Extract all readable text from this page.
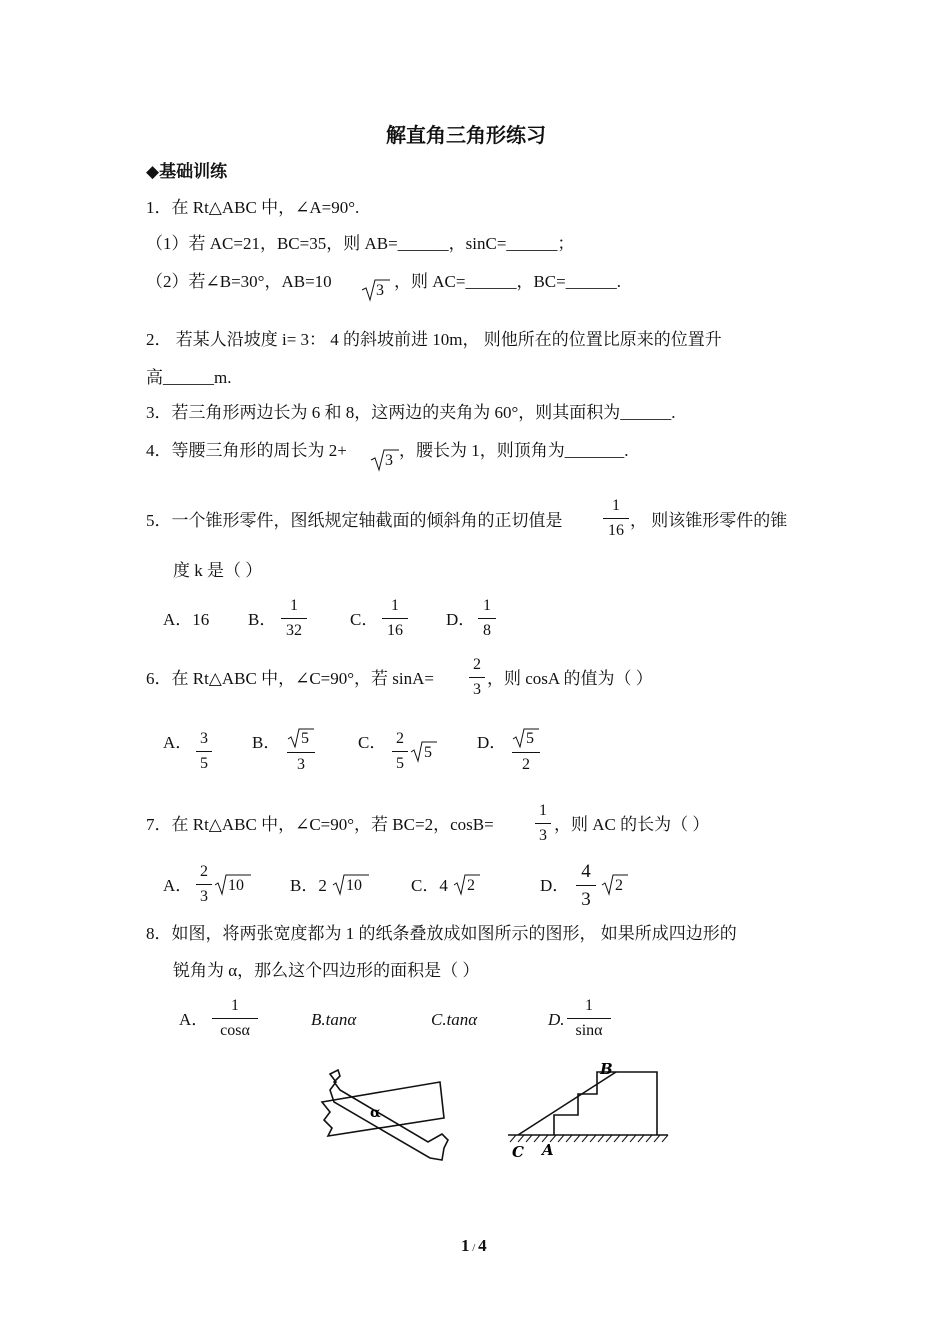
解直角三角形练习
◆基础训练
1．在 Rt△ABC 中，∠A=90°.
（1）若 AC=21，BC=35，则 AB=______，sinC=______；
（2）若∠B=30°，AB=10	3 ，则 AC=______，BC=______.
2． 若某人沿坡度 i= 3： 4 的斜坡前进 10m， 则他所在的位置比原来的位置升
高______m.
3．若三角形两边长为 6 和 8，这两边的夹角为 60°，则其面积为______.
4．等腰三角形的周长为 2+
3
，腰长为 1，则顶角为_______.
5．一个锥形零件，图纸规定轴截面的倾斜角的正切值是
1
16
， 则该锥形零件的锥
度 k 是（ ）
A．16 B．
1
32
C．
1
16
D．
1
8
6．在 Rt△ABC 中，∠C=90°，若 sinA=
2
3
，则 cosA 的值为（ ）
A． 3
5
B． 5
3
C． 2
5
5
D． 5
2
7．在 Rt△ABC 中，∠C=90°，若 BC=2，cosB=
1
3
，则 AC 的长为（ ）
A．
2
3
10	B．2 10	C．4 2	D．
4
3
2
8．如图，将两张宽度都为 1 的纸条叠放成如图所示的图形， 如果所成四边形的
锐角为 α，那么这个四边形的面积是（ ）
A．
1
cosα
B.tanα	C.tanα	D.
1
sinα
α
B
C A
1 / 4
